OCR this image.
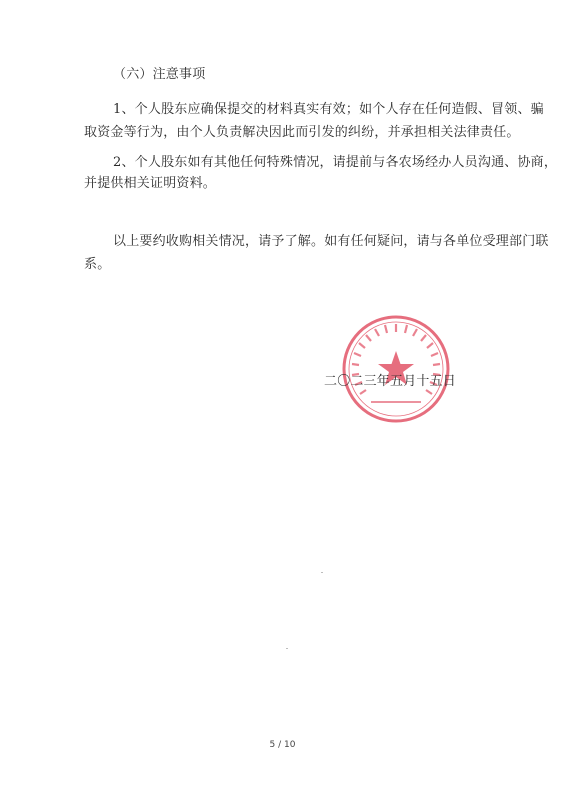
（六）注意事项
1、个人股东应确保提交的材料真实有效；如个人存在任何造假、冒领、骗
取资金等行为，由个人负责解决因此而引发的纠纷，并承担相关法律责任。
2、个人股东如有其他任何特殊情况，请提前与各农场经办人员沟通、协商，
并提供相关证明资料。
以上要约收购相关情况，请予了解。如有任何疑问，请与各单位受理部门联
系。
二〇二三年五月十五日
5 / 10
